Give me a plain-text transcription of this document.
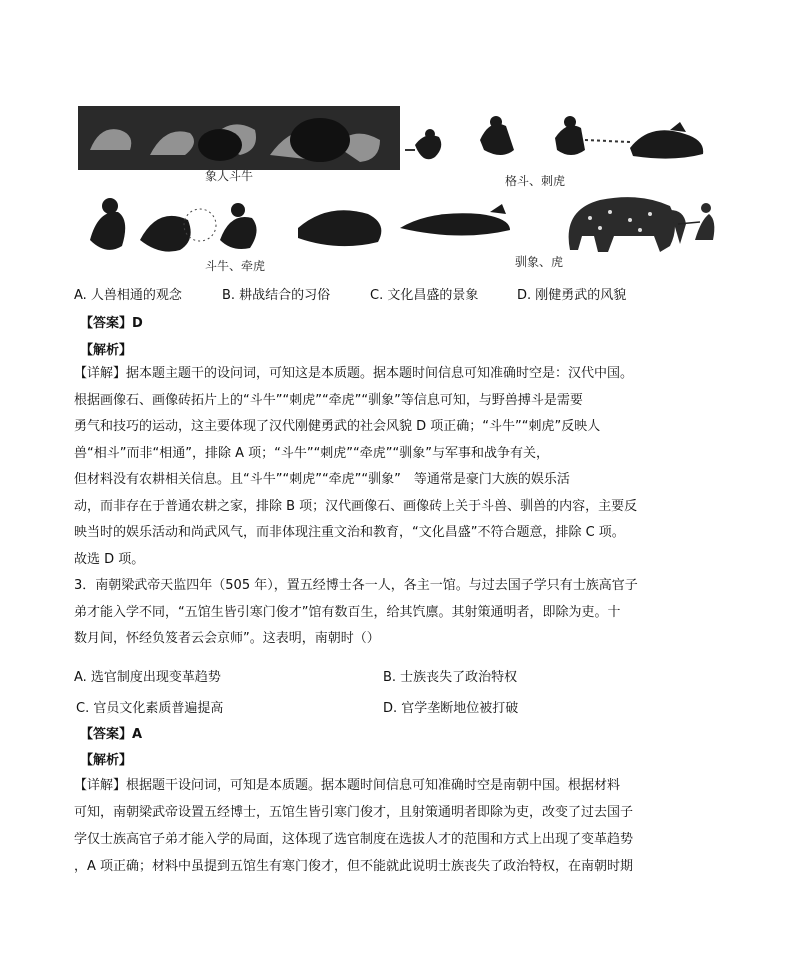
象人斗牛	格斗、刺虎
斗牛、牵虎	驯象、虎
A. 人兽相通的观念	B. 耕战结合的习俗	C. 文化昌盛的景象	D. 刚健勇武的风貌
【答案】D
【解析】
【详解】据本题主题干的设问词，可知这是本质题。据本题时间信息可知准确时空是：汉代中国。
根据画像石、画像砖拓片上的“斗牛”“刺虎”“牵虎”“驯象”等信息可知，与野兽搏斗是需要
勇气和技巧的运动，这主要体现了汉代刚健勇武的社会风貌 D 项正确；“斗牛”“刺虎”反映人
兽“相斗”而非“相通”，排除 A 项；“斗牛”“刺虎”“牵虎”“驯象”与军事和战争有关，
但材料没有农耕相关信息。且“斗牛”“刺虎”“牵虎”“驯象”　等通常是豪门大族的娱乐活
动，而非存在于普通农耕之家，排除 B 项；汉代画像石、画像砖上关于斗兽、驯兽的内容，主要反
映当时的娱乐活动和尚武风气，而非体现注重文治和教育，“文化昌盛”不符合题意，排除 C 项。
故选 D 项。
3．南朝梁武帝天监四年（505 年），置五经博士各一人，各主一馆。与过去国子学只有士族高官子
弟才能入学不同，“五馆生皆引寒门俊才”馆有数百生，给其饩廪。其射策通明者，即除为吏。十
数月间，怀经负笈者云会京师”。这表明，南朝时（）
A. 选官制度出现变革趋势	B. 士族丧失了政治特权
C. 官员文化素质普遍提高	D. 官学垄断地位被打破
【答案】A
【解析】
【详解】根据题干设问词，可知是本质题。据本题时间信息可知准确时空是南朝中国。根据材料
可知，南朝梁武帝设置五经博士，五馆生皆引寒门俊才，且射策通明者即除为吏，改变了过去国子
学仅士族高官子弟才能入学的局面，这体现了选官制度在选拔人才的范围和方式上出现了变革趋势
，A 项正确；材料中虽提到五馆生有寒门俊才，但不能就此说明士族丧失了政治特权，在南朝时期
